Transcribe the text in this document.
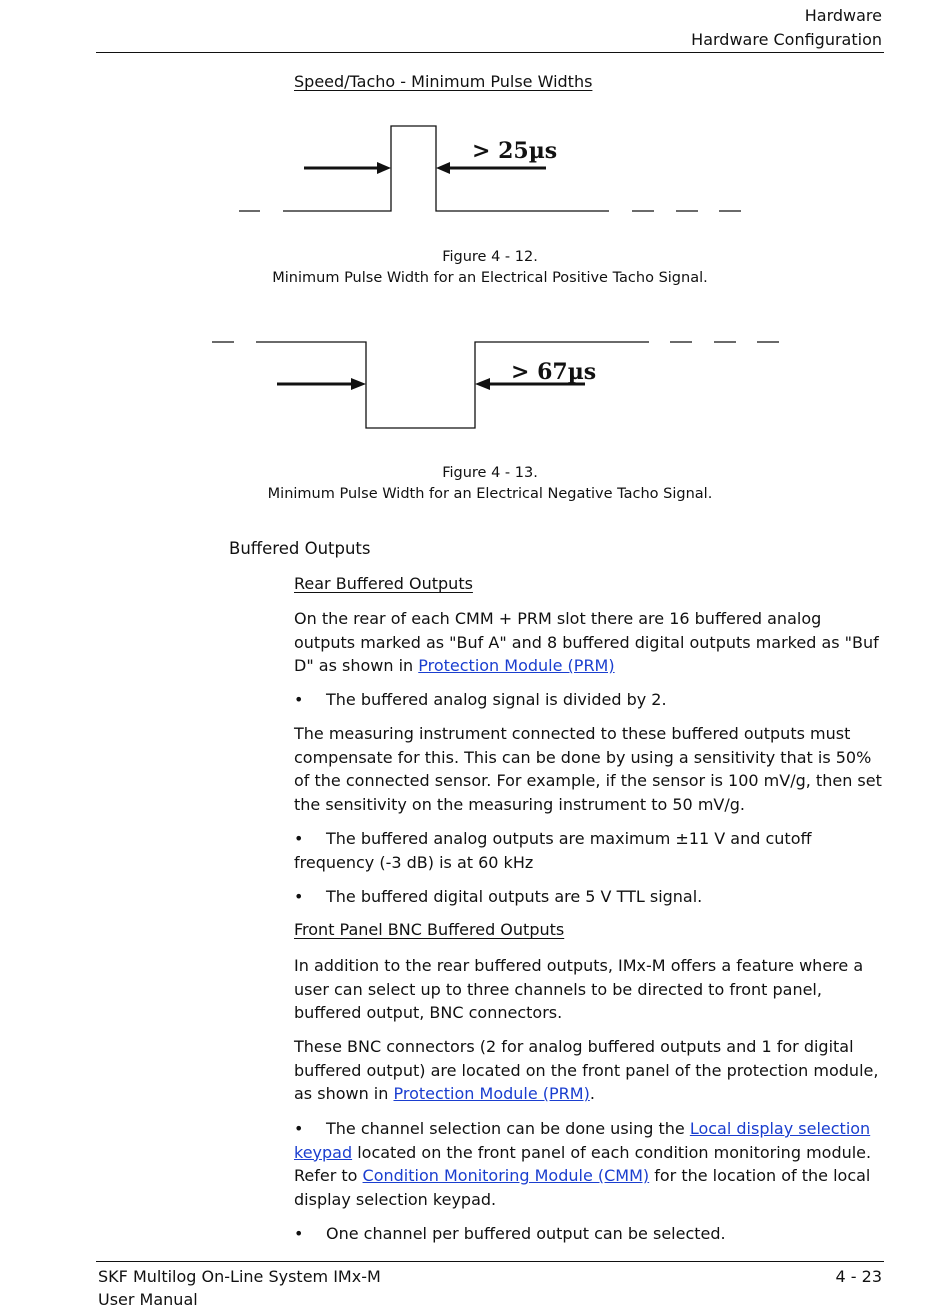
Hardware
Hardware Configuration
Speed/Tacho - Minimum Pulse Widths
> 25µs
Figure 4 - 12.
Minimum Pulse Width for an Electrical Positive Tacho Signal.
> 67µs
Figure 4 - 13.
Minimum Pulse Width for an Electrical Negative Tacho Signal.
Buffered Outputs
Rear Buffered Outputs
On the rear of each CMM + PRM slot there are 16 buffered analog outputs marked as "Buf A" and 8 buffered digital outputs marked as "Buf D" as shown in Protection Module (PRM)
•	The buffered analog signal is divided by 2.
The measuring instrument connected to these buffered outputs must compensate for this. This can be done by using a sensitivity that is 50% of the connected sensor. For example, if the sensor is 100 mV/g, then set the sensitivity on the measuring instrument to 50 mV/g.
•	The buffered analog outputs are maximum ±11 V and cutoff frequency (-3 dB) is at 60 kHz
•	The buffered digital outputs are 5 V TTL signal.
Front Panel BNC Buffered Outputs
In addition to the rear buffered outputs, IMx-M offers a feature where a user can select up to three channels to be directed to front panel, buffered output, BNC connectors.
These BNC connectors (2 for analog buffered outputs and 1 for digital buffered output) are located on the front panel of the protection module, as shown in Protection Module (PRM).
•	The channel selection can be done using the Local display selection keypad located on the front panel of each condition monitoring module. Refer to Condition Monitoring Module (CMM) for the location of the local display selection keypad.
•	One channel per buffered output can be selected.
SKF Multilog On-Line System IMx-M
User Manual
4 - 23
